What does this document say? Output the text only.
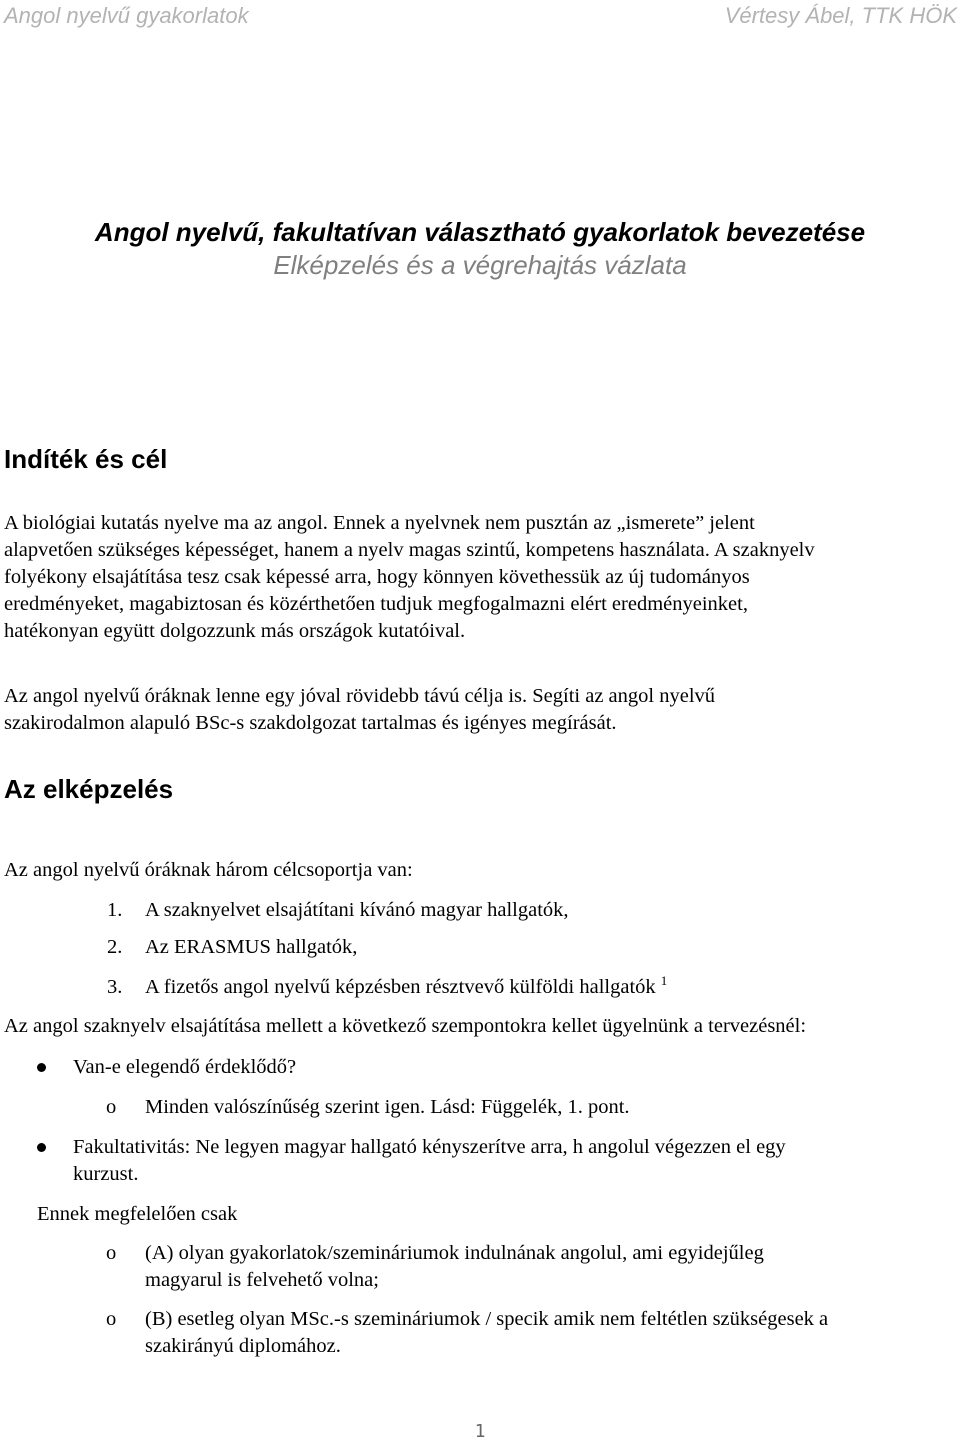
Angol nyelvű gyakorlatok	Vértesy Ábel, TTK HÖK
Angol nyelvű, fakultatívan választható gyakorlatok bevezetése
Elképzelés és a végrehajtás vázlata
Indíték és cél
A biológiai kutatás nyelve ma az angol. Ennek a nyelvnek nem pusztán az „ismerete” jelent
alapvetően szükséges képességet, hanem a nyelv magas szintű, kompetens használata. A szaknyelv
folyékony elsajátítása tesz csak képessé arra, hogy könnyen követhessük az új tudományos
eredményeket, magabiztosan és közérthetően tudjuk megfogalmazni elért eredményeinket,
hatékonyan együtt dolgozzunk más országok kutatóival.
Az angol nyelvű óráknak lenne egy jóval rövidebb távú célja is. Segíti az angol nyelvű
szakirodalmon alapuló BSc-s szakdolgozat tartalmas és igényes megírását.
Az elképzelés
Az angol nyelvű óráknak három célcsoportja van:
1. A szaknyelvet elsajátítani kívánó magyar hallgatók,
2. Az ERASMUS hallgatók,
3. A fizetős angol nyelvű képzésben résztvevő külföldi hallgatók $^1$
Az angol szaknyelv elsajátítása mellett a következő szempontokra kellet ügyelnünk a tervezésnél:
Van-e elegendő érdeklődő?
o Minden valószínűség szerint igen. Lásd: Függelék, 1. pont.
Fakultativitás: Ne legyen magyar hallgató kényszerítve arra, h angolul végezzen el egy
kurzust.
Ennek megfelelően csak
o (A) olyan gyakorlatok/szemináriumok indulnának angolul, ami egyidejűleg
magyarul is felvehető volna;
o (B) esetleg olyan MSc.-s szemináriumok / specik amik nem feltétlen szükségesek a
szakirányú diplomához.
1
